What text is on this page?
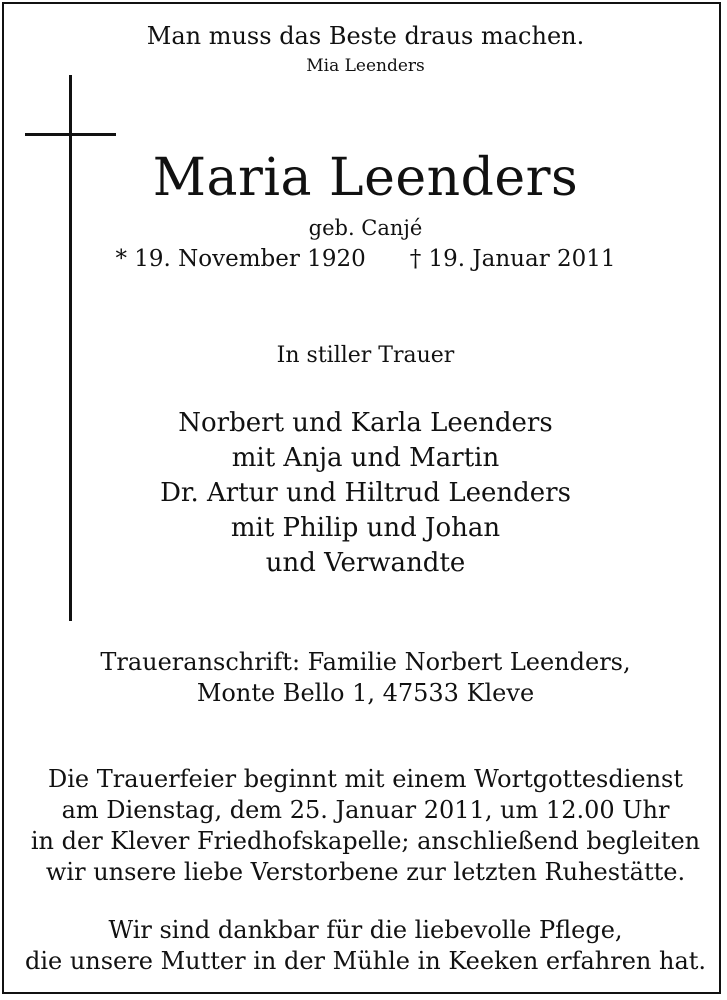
Man muss das Beste draus machen.
Mia Leenders
Maria Leenders
geb. Canjé
* 19. November 1920 † 19. Januar 2011
In stiller Trauer
Norbert und Karla Leenders
mit Anja und Martin
Dr. Artur und Hiltrud Leenders
mit Philip und Johan
und Verwandte
Traueranschrift: Familie Norbert Leenders,
Monte Bello 1, 47533 Kleve
Die Trauerfeier beginnt mit einem Wortgottesdienst
am Dienstag, dem 25. Januar 2011, um 12.00 Uhr
in der Klever Friedhofskapelle; anschließend begleiten
wir unsere liebe Verstorbene zur letzten Ruhestätte.
Wir sind dankbar für die liebevolle Pflege,
die unsere Mutter in der Mühle in Keeken erfahren hat.
